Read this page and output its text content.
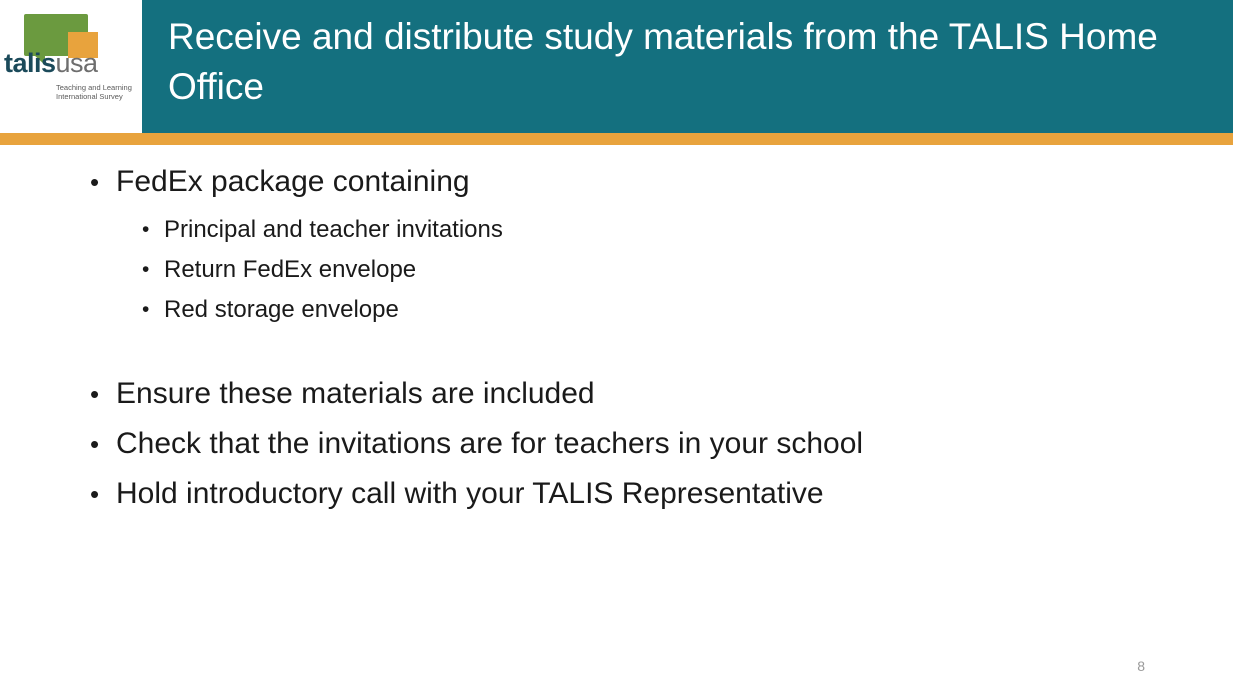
talisusa
Teaching and Learning International Survey
Receive and distribute study materials from the TALIS Home Office
• FedEx package containing
• Principal and teacher invitations
• Return FedEx envelope
• Red storage envelope
• Ensure these materials are included
• Check that the invitations are for teachers in your school
• Hold introductory call with your TALIS Representative
8
